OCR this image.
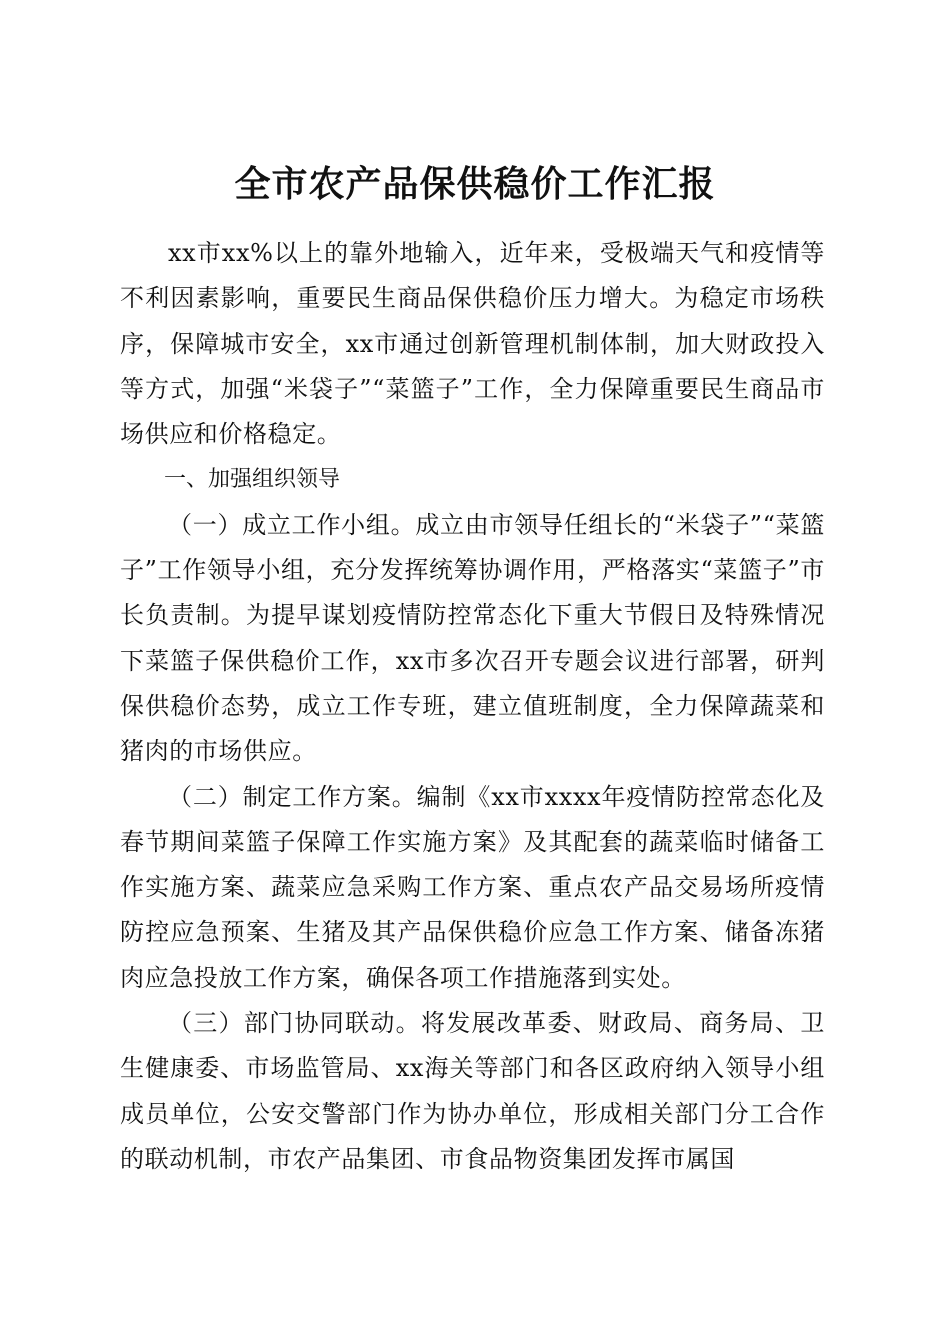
全市农产品保供稳价工作汇报

xx市xx%以上的靠外地输入，近年来，受极端天气和疫情等不利因素影响，重要民生商品保供稳价压力增大。为稳定市场秩序，保障城市安全，xx市通过创新管理机制体制，加大财政投入等方式，加强“米袋子”“菜篮子”工作，全力保障重要民生商品市场供应和价格稳定。

一、加强组织领导

（一）成立工作小组。成立由市领导任组长的“米袋子”“菜篮子”工作领导小组，充分发挥统筹协调作用，严格落实“菜篮子”市长负责制。为提早谋划疫情防控常态化下重大节假日及特殊情况下菜篮子保供稳价工作，xx市多次召开专题会议进行部署，研判保供稳价态势，成立工作专班，建立值班制度，全力保障蔬菜和猪肉的市场供应。

（二）制定工作方案。编制《xx市xxxx年疫情防控常态化及春节期间菜篮子保障工作实施方案》及其配套的蔬菜临时储备工作实施方案、蔬菜应急采购工作方案、重点农产品交易场所疫情防控应急预案、生猪及其产品保供稳价应急工作方案、储备冻猪肉应急投放工作方案，确保各项工作措施落到实处。

（三）部门协同联动。将发展改革委、财政局、商务局、卫生健康委、市场监管局、xx海关等部门和各区政府纳入领导小组成员单位，公安交警部门作为协办单位，形成相关部门分工合作的联动机制，市农产品集团、市食品物资集团发挥市属国
